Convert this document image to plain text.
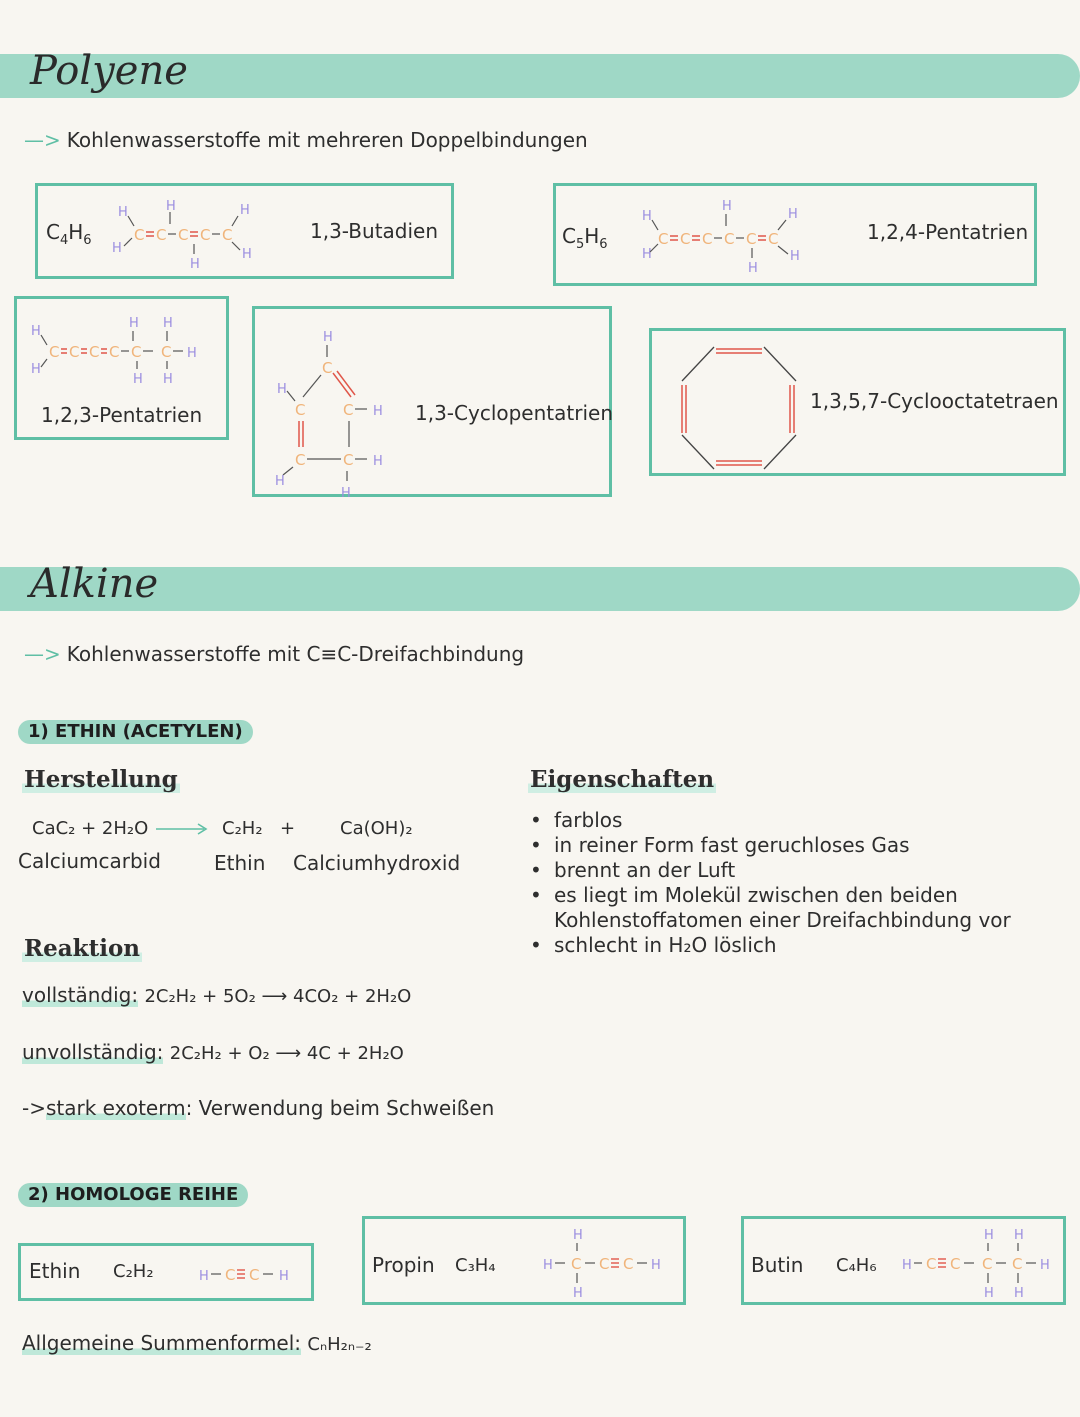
Polyene
—> Kohlenwasserstoffe mit mehreren Doppelbindungen
$C_4H_6$
H
H
C C C
H
C
H
C
H
H
1,3-Butadien	$C_5H_6$
H
H
C C C
H
C C
H
C
H
H
1,2,4-Pentatrien
H
H
C C C C
H
C
H
H
C
H
H
1,2,3-Pentatrien
H
C
H
C	C H
C	C H
H
H
1,3-Cyclopentatrien	1,3,5,7-Cyclooctatetraen
Alkine
—> Kohlenwasserstoffe mit C≡C-Dreifachbindung
1) ETHIN (ACETYLEN)
Herstellung
CaC₂ + 2H₂O → C₂H₂ + Ca(OH)₂
Calciumcarbid	Ethin Calciumhydroxid
Eigenschaften
• farblos
• in reiner Form fast geruchloses Gas
• brennt an der Luft
• es liegt im Molekül zwischen den beiden
Kohlenstoffatomen einer Dreifachbindung vor
• schlecht in H₂O löslich
Reaktion
vollständig: 2C₂H₂ + 5O₂ ⟶ 4CO₂ + 2H₂O
unvollständig: 2C₂H₂ + O₂ ⟶ 4C + 2H₂O
->stark exoterm: Verwendung beim Schweißen
2) HOMOLOGE REIHE
Ethin C₂H₂	H C C H	Propin C₃H₄
H
H C
H
C C H	Butin C₄H₆ H C C
H
C
H
H
C
H
H
Allgemeine Summenformel: CₙH₂ₙ₋₂
